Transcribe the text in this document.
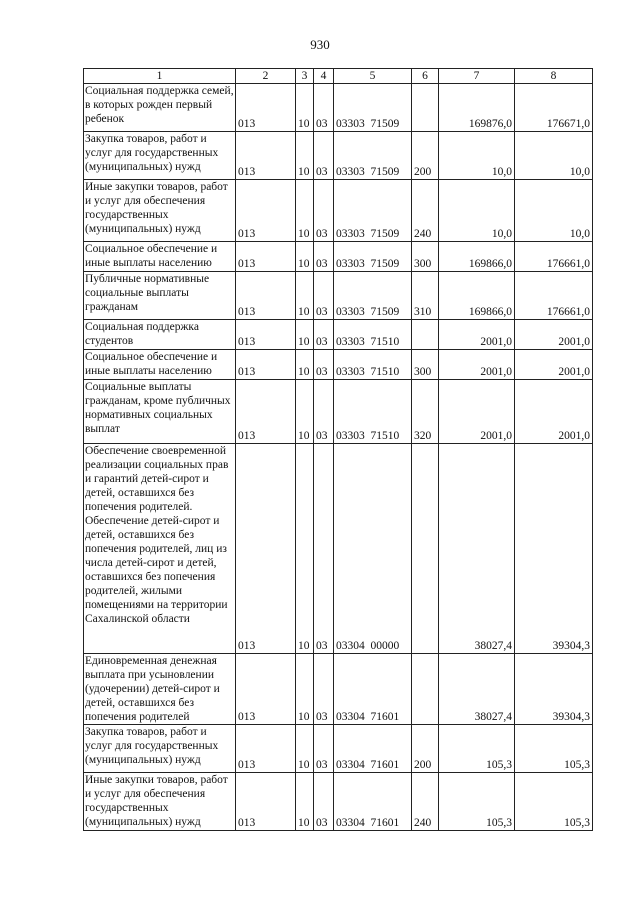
930
1	2	3	4	5	6	7	8
Социальная поддержка семей, в которых рожден первый ребенок	013	10	03	03303  71509		169876,0	176671,0
Закупка товаров, работ и услуг для государственных (муниципальных) нужд	013	10	03	03303  71509	200	10,0	10,0
Иные закупки товаров, работ и услуг для обеспечения государственных (муниципальных) нужд	013	10	03	03303  71509	240	10,0	10,0
Социальное обеспечение и иные выплаты населению	013	10	03	03303  71509	300	169866,0	176661,0
Публичные нормативные социальные выплаты гражданам	013	10	03	03303  71509	310	169866,0	176661,0
Социальная поддержка студентов	013	10	03	03303  71510		2001,0	2001,0
Социальное обеспечение и иные выплаты населению	013	10	03	03303  71510	300	2001,0	2001,0
Социальные выплаты гражданам, кроме публичных нормативных социальных выплат	013	10	03	03303  71510	320	2001,0	2001,0
Обеспечение своевременной реализации социальных прав и гарантий детей-сирот и детей, оставшихся без попечения родителей. Обеспечение детей-сирот и детей, оставшихся без попечения родителей, лиц из числа детей-сирот и детей, оставшихся без попечения родителей, жилыми помещениями на территории Сахалинской области	013	10	03	03304  00000		38027,4	39304,3
Единовременная денежная выплата при усыновлении (удочерении) детей-сирот и детей, оставшихся без попечения родителей	013	10	03	03304  71601		38027,4	39304,3
Закупка товаров, работ и услуг для государственных (муниципальных) нужд	013	10	03	03304  71601	200	105,3	105,3
Иные закупки товаров, работ и услуг для обеспечения государственных (муниципальных) нужд	013	10	03	03304  71601	240	105,3	105,3
